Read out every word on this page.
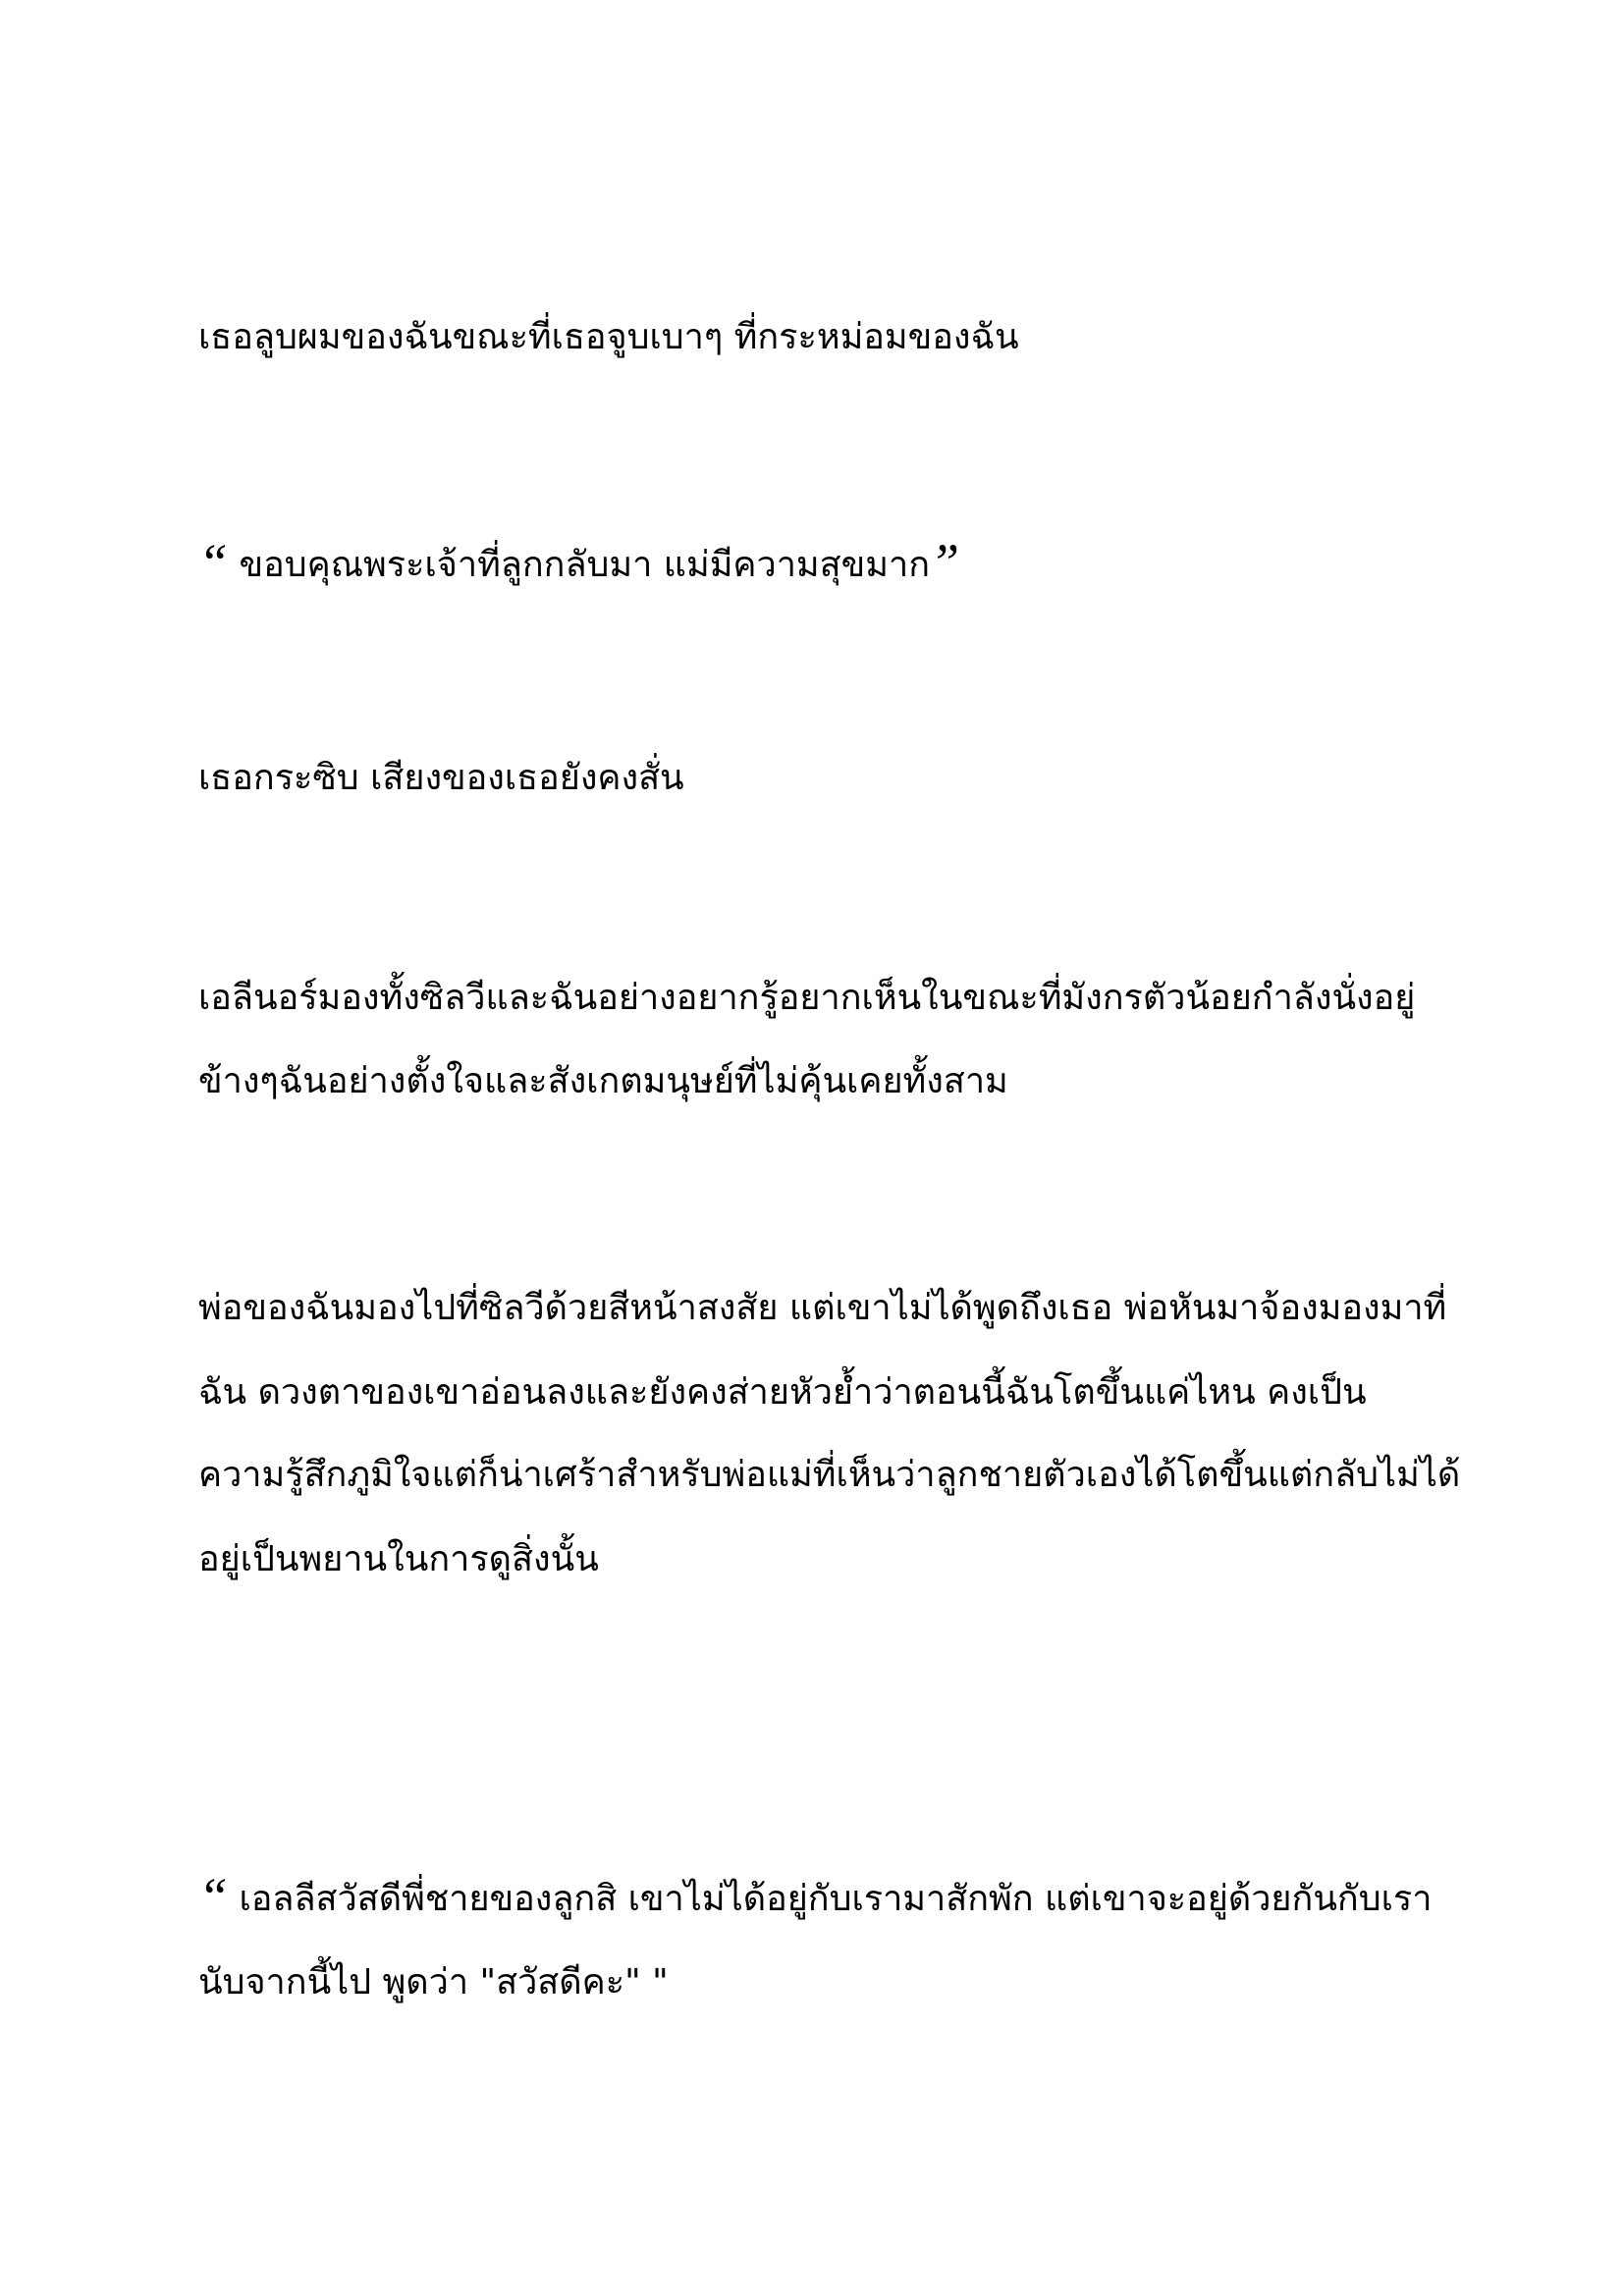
เธอลูบผมของฉันขณะที่เธอจูบเบาๆ ที่กระหม่อมของฉัน
“ ขอบคุณพระเจ้าที่ลูกกลับมา แม่มีความสุขมาก”
เธอกระซิบ เสียงของเธอยังคงสั่น
เอลีนอร์มองทั้งซิลวีและฉันอย่างอยากรู้อยากเห็นในขณะที่มังกรตัวน้อยกำลังนั่งอยู่
ข้างๆฉันอย่างตั้งใจและสังเกตมนุษย์ที่ไม่คุ้นเคยทั้งสาม
พ่อของฉันมองไปที่ซิลวีด้วยสีหน้าสงสัย แต่เขาไม่ได้พูดถึงเธอ พ่อหันมาจ้องมองมาที่
ฉัน ดวงตาของเขาอ่อนลงและยังคงส่ายหัวย้ำว่าตอนนี้ฉันโตขึ้นแค่ไหน คงเป็น
ความรู้สึกภูมิใจแต่ก็น่าเศร้าสำหรับพ่อแม่ที่เห็นว่าลูกชายตัวเองได้โตขึ้นแต่กลับไม่ได้
อยู่เป็นพยานในการดูสิ่งนั้น
“ เอลลีสวัสดีพี่ชายของลูกสิ เขาไม่ได้อยู่กับเรามาสักพัก แต่เขาจะอยู่ด้วยกันกับเรา
นับจากนี้ไป พูดว่า "สวัสดีคะ" "
